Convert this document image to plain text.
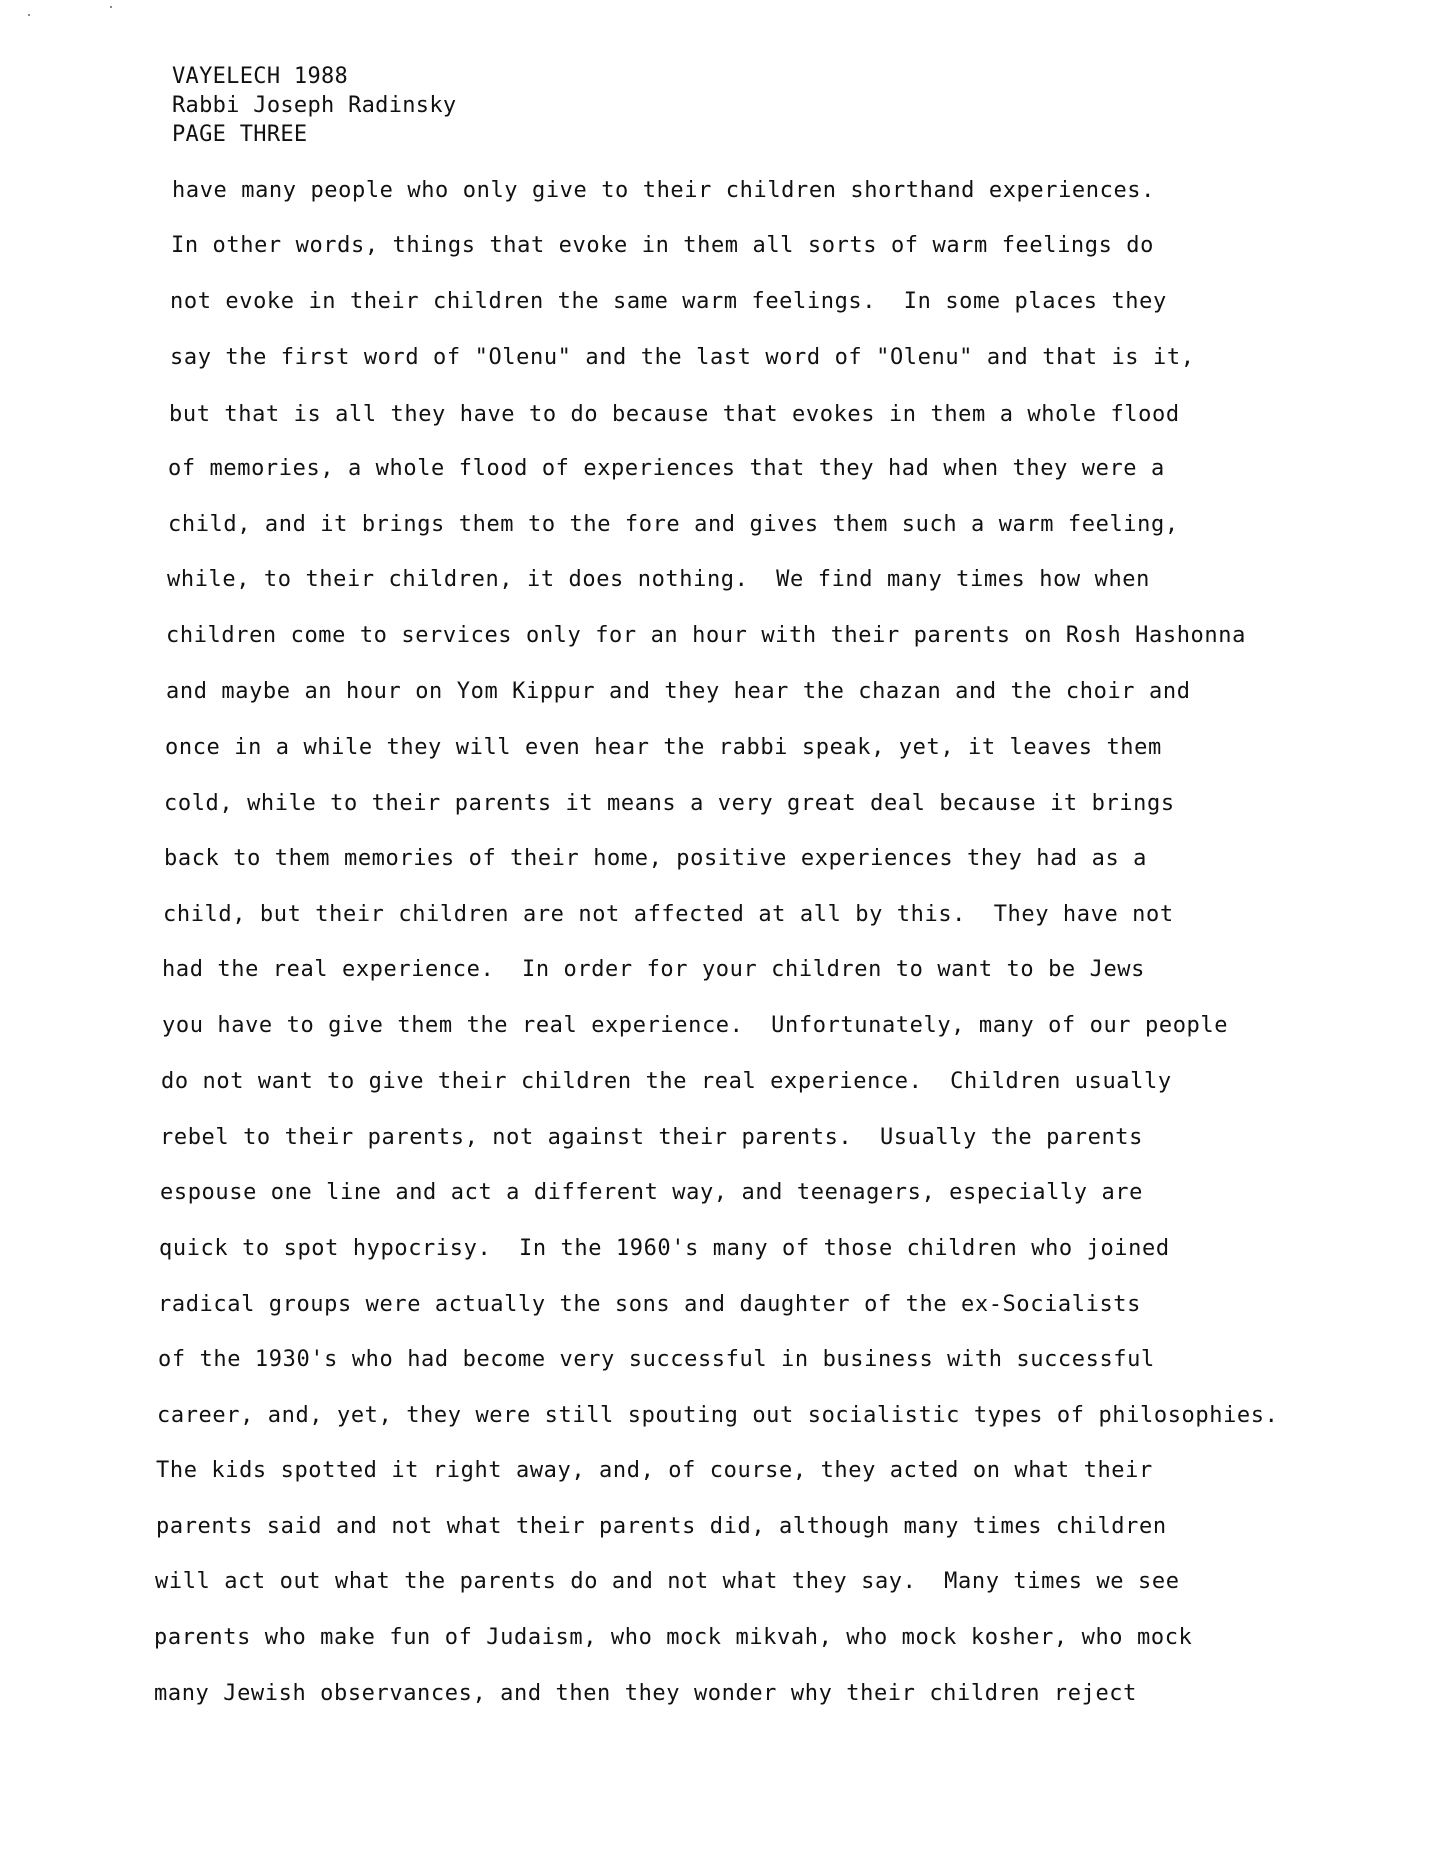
VAYELECH 1988
Rabbi Joseph Radinsky
PAGE THREE
have many people who only give to their children shorthand experiences.
In other words, things that evoke in them all sorts of warm feelings do
not evoke in their children the same warm feelings.  In some places they
say the first word of "Olenu" and the last word of "Olenu" and that is it,
but that is all they have to do because that evokes in them a whole flood
of memories, a whole flood of experiences that they had when they were a
child, and it brings them to the fore and gives them such a warm feeling,
while, to their children, it does nothing.  We find many times how when
children come to services only for an hour with their parents on Rosh Hashonna
and maybe an hour on Yom Kippur and they hear the chazan and the choir and
once in a while they will even hear the rabbi speak, yet, it leaves them
cold, while to their parents it means a very great deal because it brings
back to them memories of their home, positive experiences they had as a
child, but their children are not affected at all by this.  They have not
had the real experience.  In order for your children to want to be Jews
you have to give them the real experience.  Unfortunately, many of our people
do not want to give their children the real experience.  Children usually
rebel to their parents, not against their parents.  Usually the parents
espouse one line and act a different way, and teenagers, especially are
quick to spot hypocrisy.  In the 1960's many of those children who joined
radical groups were actually the sons and daughter of the ex-Socialists
of the 1930's who had become very successful in business with successful
career, and, yet, they were still spouting out socialistic types of philosophies.
The kids spotted it right away, and, of course, they acted on what their
parents said and not what their parents did, although many times children
will act out what the parents do and not what they say.  Many times we see
parents who make fun of Judaism, who mock mikvah, who mock kosher, who mock
many Jewish observances, and then they wonder why their children reject
